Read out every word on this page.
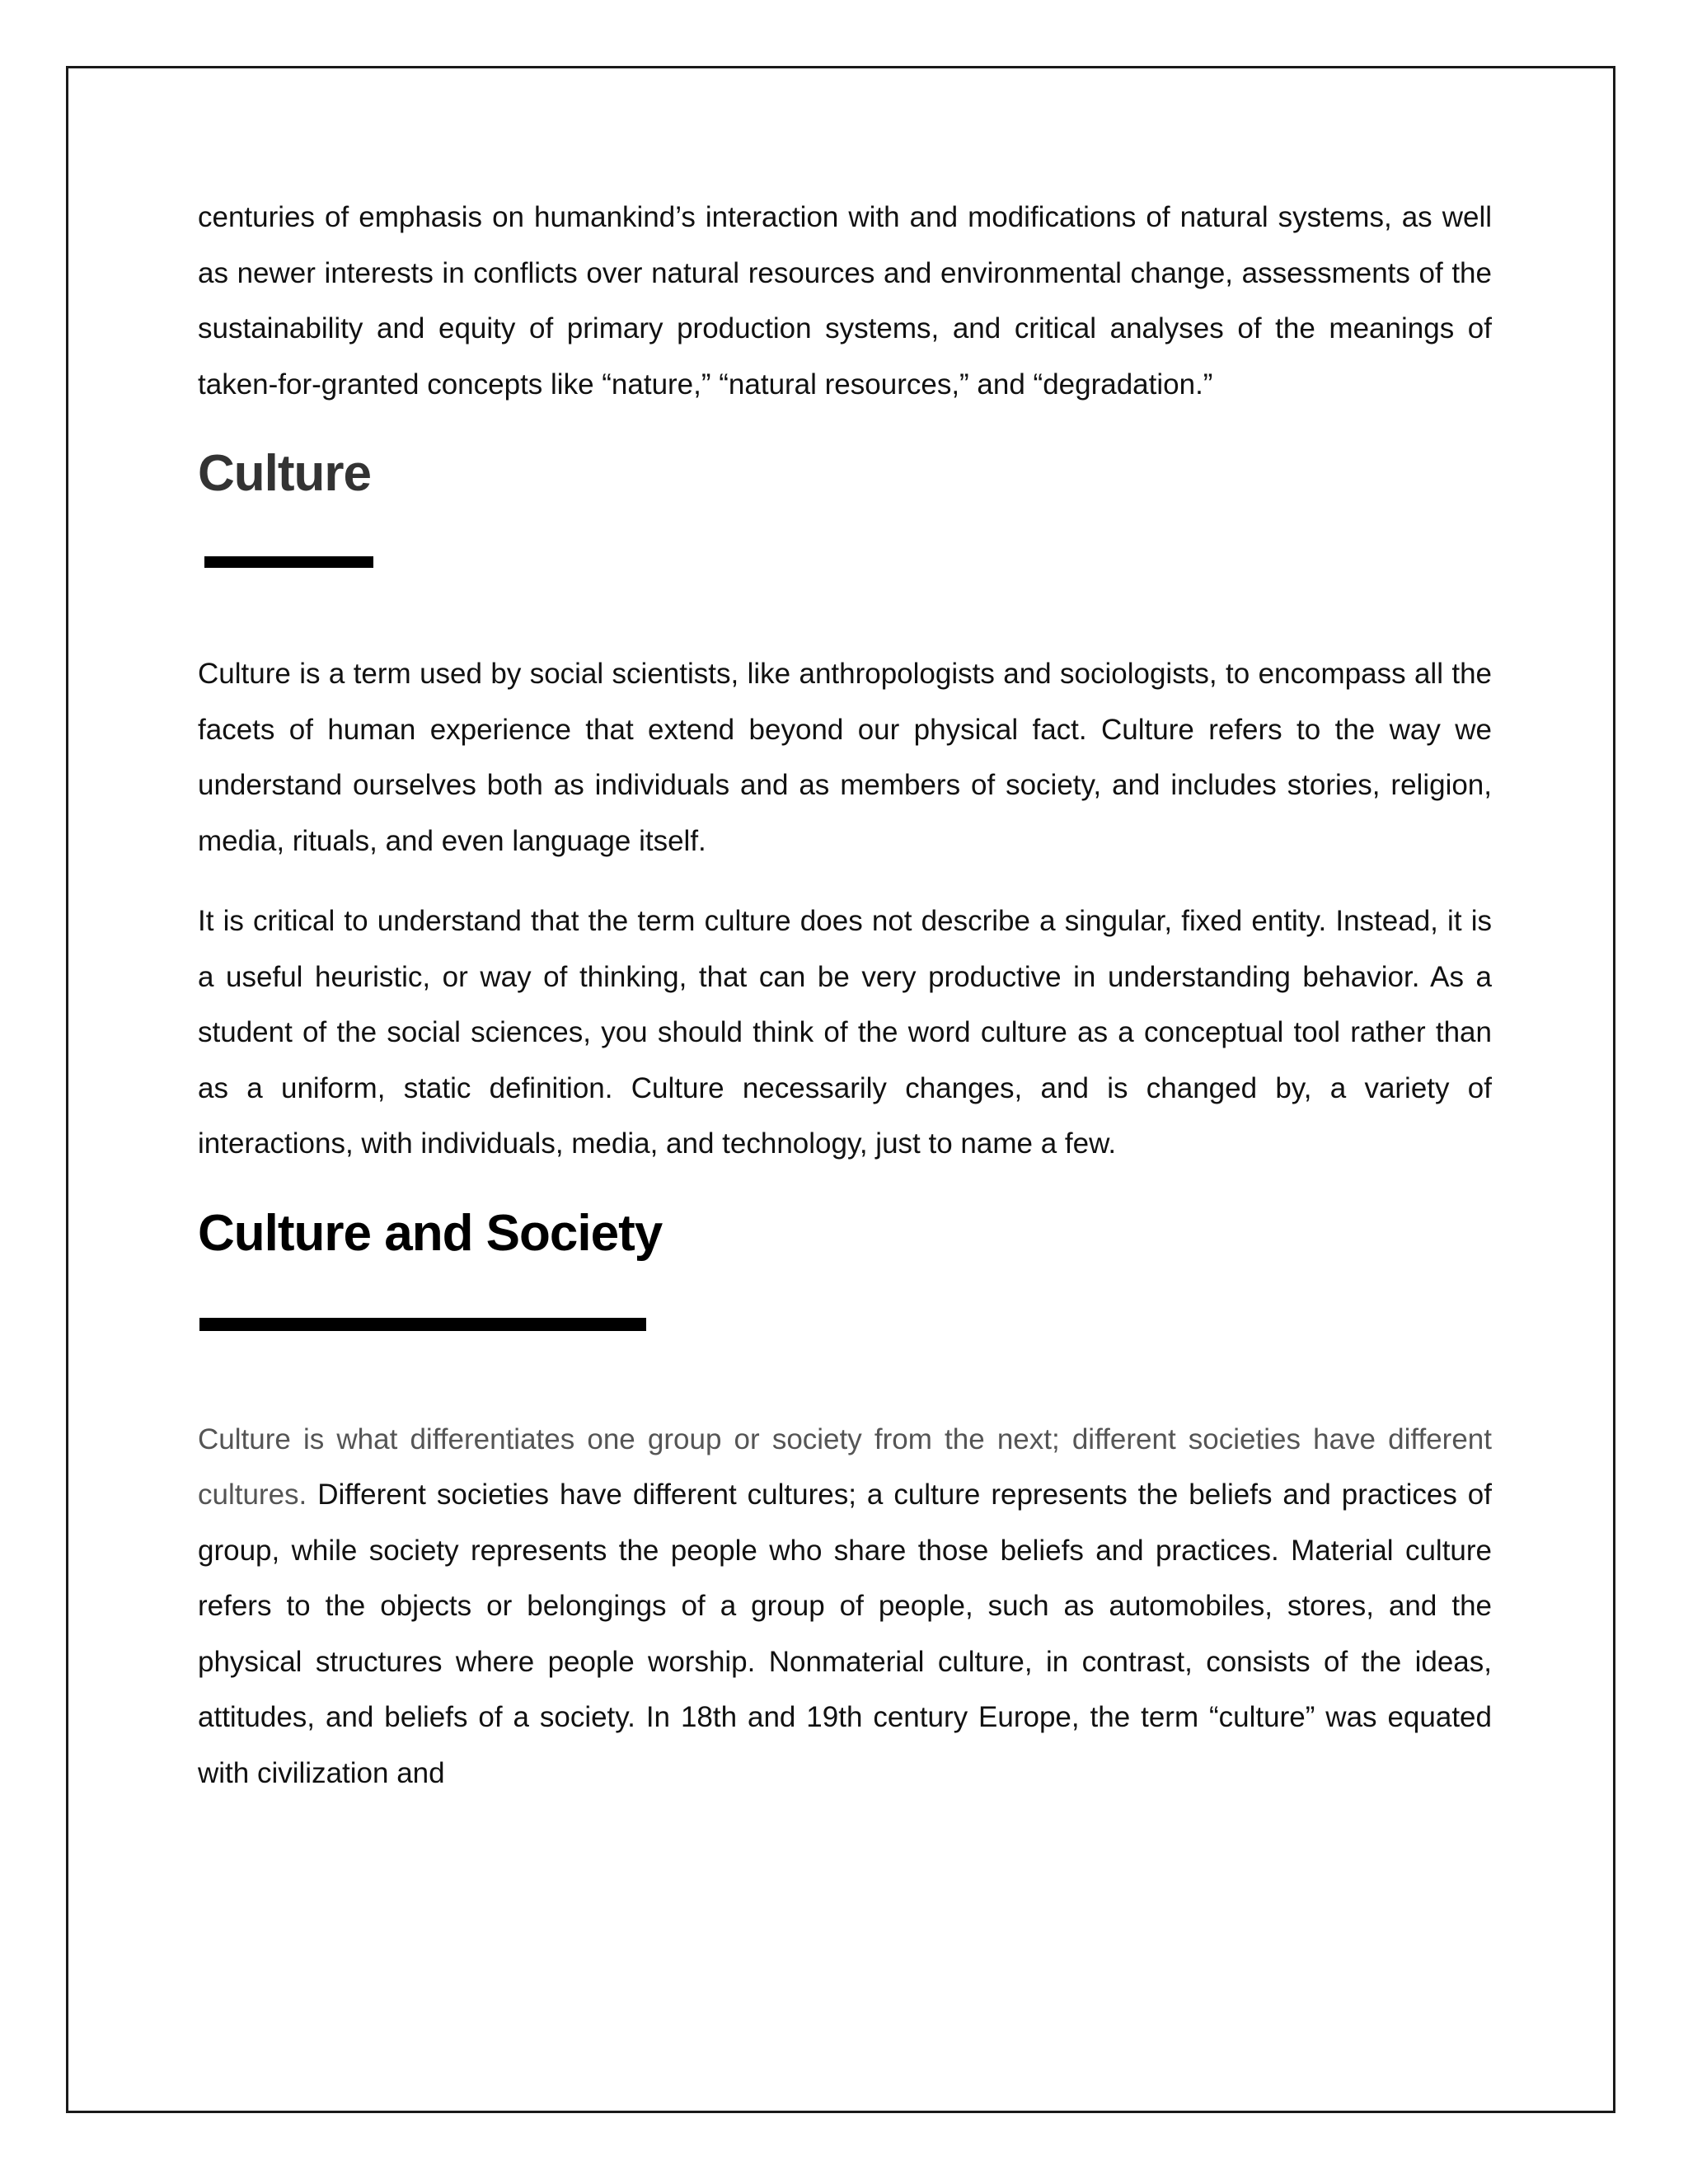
centuries of emphasis on humankind’s interaction with and modifications of natural systems, as well as newer interests in conflicts over natural resources and environmental change, assessments of the sustainability and equity of primary production systems, and critical analyses of the meanings of taken-for-granted concepts like “nature,” “natural resources,” and “degradation.”

Culture

Culture is a term used by social scientists, like anthropologists and sociologists, to encompass all the facets of human experience that extend beyond our physical fact. Culture refers to the way we understand ourselves both as individuals and as members of society, and includes stories, religion, media, rituals, and even language itself.

It is critical to understand that the term culture does not describe a singular, fixed entity. Instead, it is a useful heuristic, or way of thinking, that can be very productive in understanding behavior. As a student of the social sciences, you should think of the word culture as a conceptual tool rather than as a uniform, static definition. Culture necessarily changes, and is changed by, a variety of interactions, with individuals, media, and technology, just to name a few.

Culture and Society

Culture is what differentiates one group or society from the next; different societies have different cultures. Different societies have different cultures; a culture represents the beliefs and practices of group, while society represents the people who share those beliefs and practices. Material culture refers to the objects or belongings of a group of people, such as automobiles, stores, and the physical structures where people worship. Nonmaterial culture, in contrast, consists of the ideas, attitudes, and beliefs of a society. In 18th and 19th century Europe, the term “culture” was equated with civilization and
